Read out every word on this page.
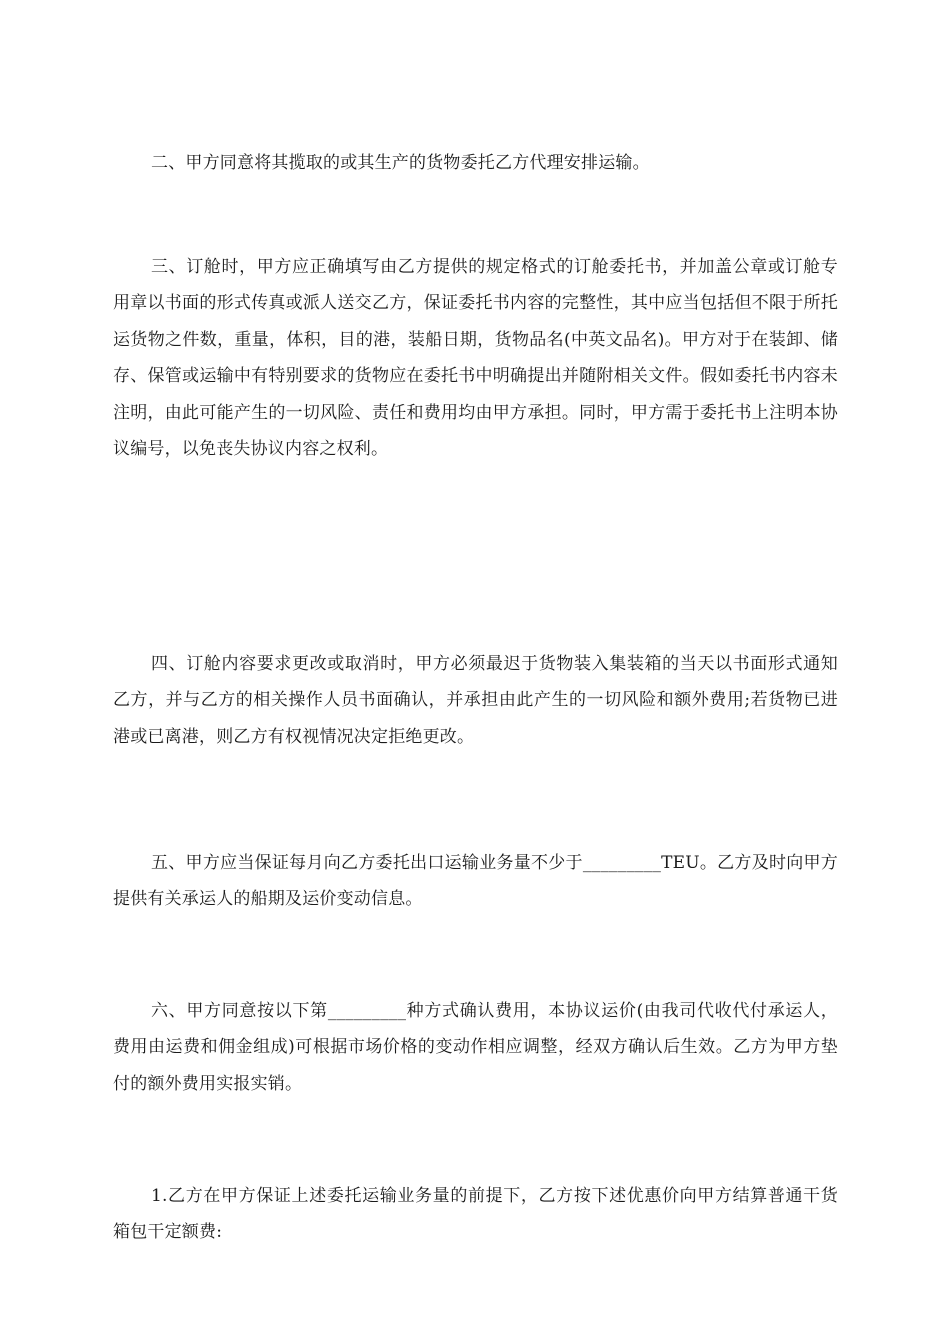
二、甲方同意将其揽取的或其生产的货物委托乙方代理安排运输。

三、订舱时，甲方应正确填写由乙方提供的规定格式的订舱委托书，并加盖公章或订舱专用章以书面的形式传真或派人送交乙方，保证委托书内容的完整性，其中应当包括但不限于所托运货物之件数，重量，体积，目的港，装船日期，货物品名(中英文品名)。甲方对于在装卸、储存、保管或运输中有特别要求的货物应在委托书中明确提出并随附相关文件。假如委托书内容未注明，由此可能产生的一切风险、责任和费用均由甲方承担。同时，甲方需于委托书上注明本协议编号，以免丧失协议内容之权利。

四、订舱内容要求更改或取消时，甲方必须最迟于货物装入集装箱的当天以书面形式通知乙方，并与乙方的相关操作人员书面确认，并承担由此产生的一切风险和额外费用;若货物已进港或已离港，则乙方有权视情况决定拒绝更改。

五、甲方应当保证每月向乙方委托出口运输业务量不少于_________TEU。乙方及时向甲方提供有关承运人的船期及运价变动信息。

六、甲方同意按以下第_________种方式确认费用，本协议运价(由我司代收代付承运人，费用由运费和佣金组成)可根据市场价格的变动作相应调整，经双方确认后生效。乙方为甲方垫付的额外费用实报实销。

1.乙方在甲方保证上述委托运输业务量的前提下，乙方按下述优惠价向甲方结算普通干货箱包干定额费:
